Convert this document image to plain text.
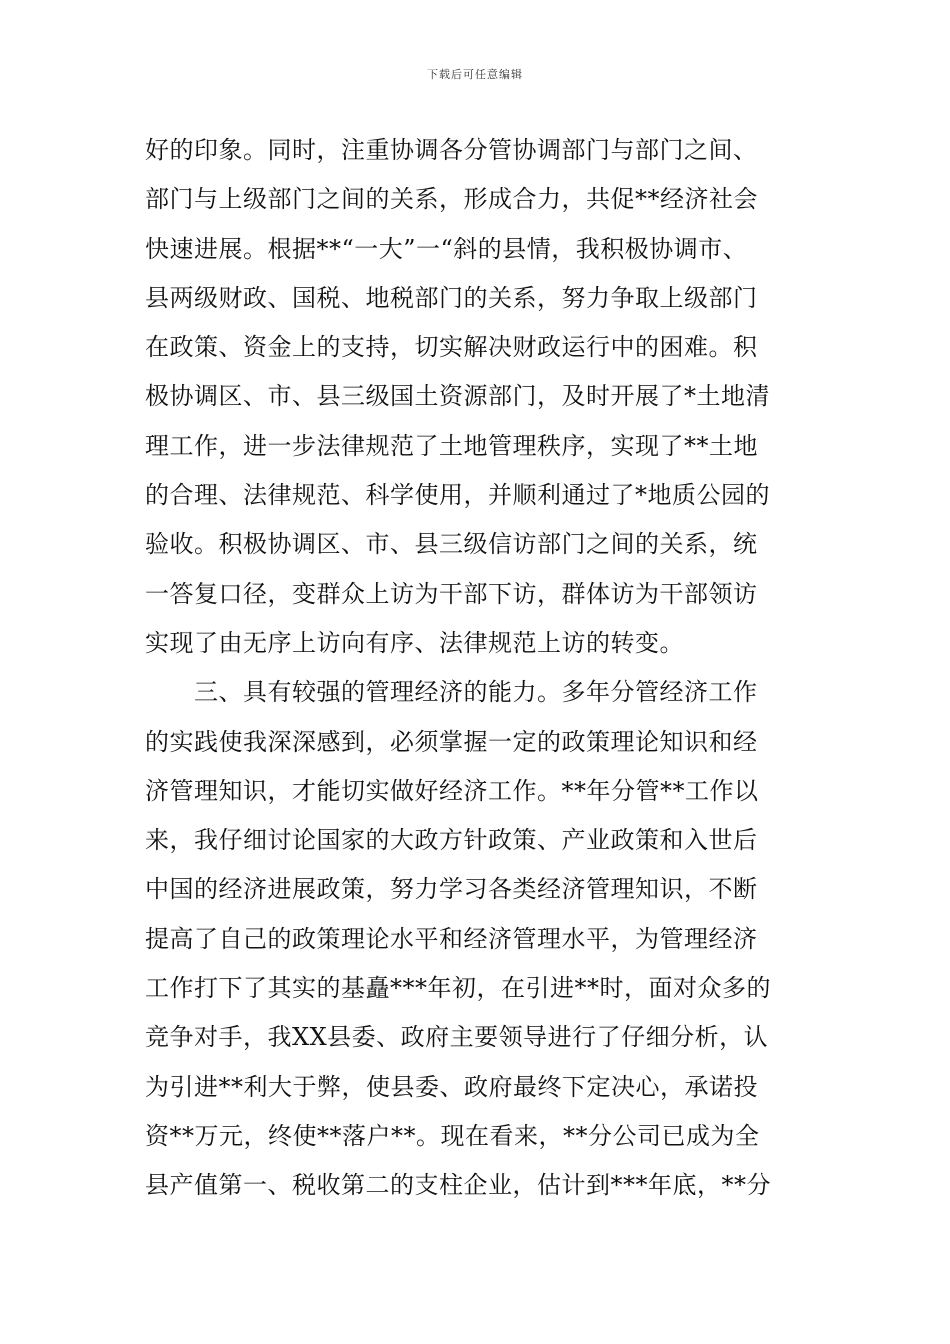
下载后可任意编辑
好的印象。同时，注重协调各分管协调部门与部门之间、
部门与上级部门之间的关系，形成合力，共促**经济社会
快速进展。根据**“一大”一“斜的县情，我积极协调市、
县两级财政、国税、地税部门的关系，努力争取上级部门
在政策、资金上的支持，切实解决财政运行中的困难。积
极协调区、市、县三级国土资源部门，及时开展了*土地清
理工作，进一步法律规范了土地管理秩序，实现了**土地
的合理、法律规范、科学使用，并顺利通过了*地质公园的
验收。积极协调区、市、县三级信访部门之间的关系，统
一答复口径，变群众上访为干部下访，群体访为干部领访
实现了由无序上访向有序、法律规范上访的转变。
　　三、具有较强的管理经济的能力。多年分管经济工作
的实践使我深深感到，必须掌握一定的政策理论知识和经
济管理知识，才能切实做好经济工作。**年分管**工作以
来，我仔细讨论国家的大政方针政策、产业政策和入世后
中国的经济进展政策，努力学习各类经济管理知识，不断
提高了自己的政策理论水平和经济管理水平，为管理经济
工作打下了其实的基矗***年初，在引进**时，面对众多的
竞争对手，我XX县委、政府主要领导进行了仔细分析，认
为引进**利大于弊，使县委、政府最终下定决心，承诺投
资**万元，终使**落户**。现在看来，**分公司已成为全
县产值第一、税收第二的支柱企业，估计到***年底，**分
